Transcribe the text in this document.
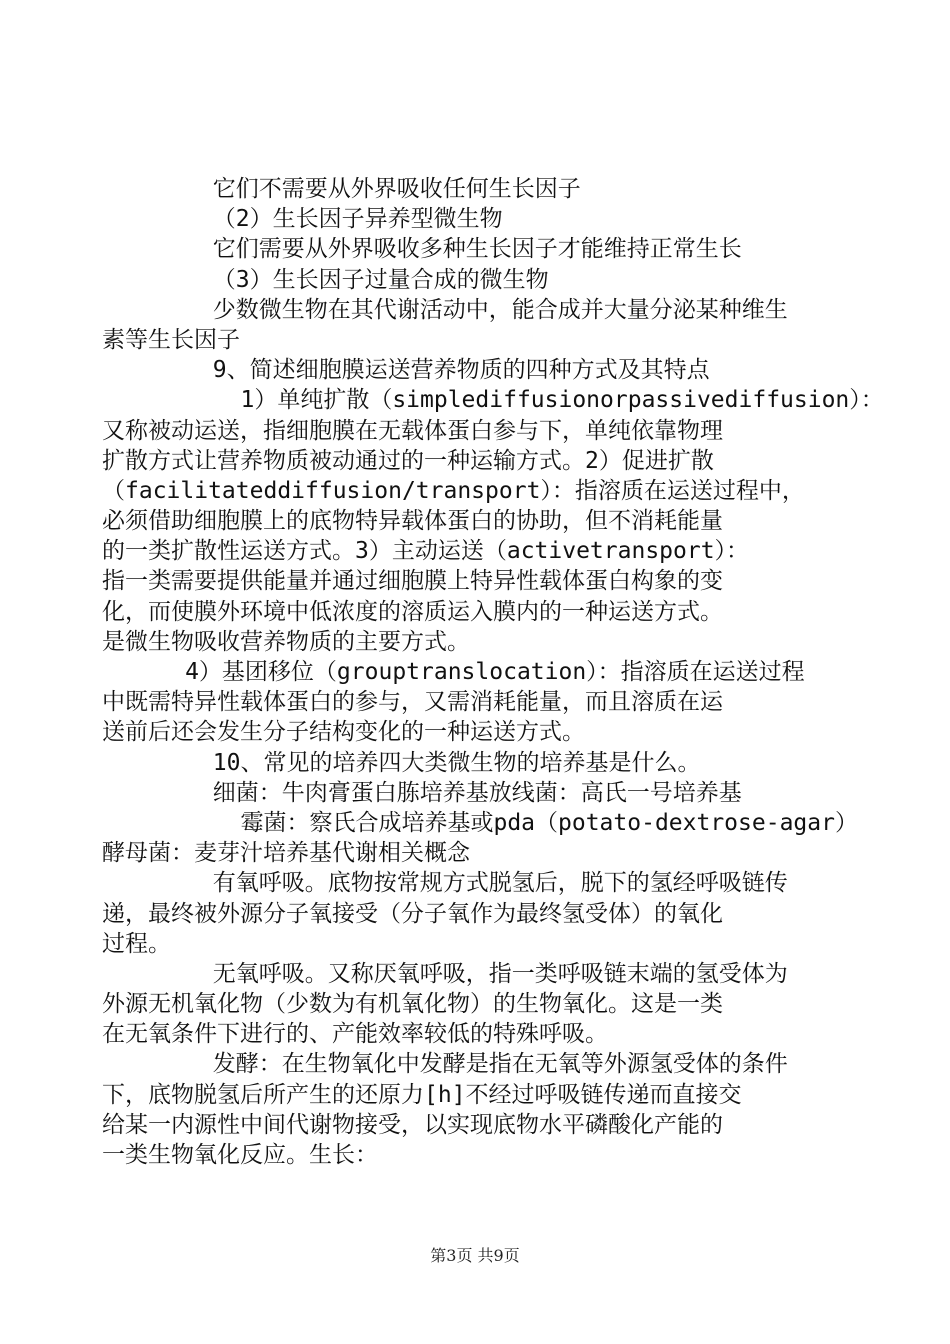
它们不需要从外界吸收任何生长因子
（2）生长因子异养型微生物
它们需要从外界吸收多种生长因子才能维持正常生长
（3）生长因子过量合成的微生物
少数微生物在其代谢活动中，能合成并大量分泌某种维生
素等生长因子
9、简述细胞膜运送营养物质的四种方式及其特点
1）单纯扩散（simplediffusionorpassivediffusion）：
又称被动运送，指细胞膜在无载体蛋白参与下，单纯依靠物理
扩散方式让营养物质被动通过的一种运输方式。2）促进扩散
（facilitateddiffusion/transport）：指溶质在运送过程中，
必须借助细胞膜上的底物特异载体蛋白的协助，但不消耗能量
的一类扩散性运送方式。3）主动运送（activetransport）：
指一类需要提供能量并通过细胞膜上特异性载体蛋白构象的变
化，而使膜外环境中低浓度的溶质运入膜内的一种运送方式。
是微生物吸收营养物质的主要方式。
4）基团移位（grouptranslocation）：指溶质在运送过程
中既需特异性载体蛋白的参与，又需消耗能量，而且溶质在运
送前后还会发生分子结构变化的一种运送方式。
10、常见的培养四大类微生物的培养基是什么。
细菌：牛肉膏蛋白胨培养基放线菌：高氏一号培养基
霉菌：察氏合成培养基或pda（potato-dextrose-agar）
酵母菌：麦芽汁培养基代谢相关概念
有氧呼吸。底物按常规方式脱氢后，脱下的氢经呼吸链传
递，最终被外源分子氧接受（分子氧作为最终氢受体）的氧化
过程。
无氧呼吸。又称厌氧呼吸，指一类呼吸链末端的氢受体为
外源无机氧化物（少数为有机氧化物）的生物氧化。这是一类
在无氧条件下进行的、产能效率较低的特殊呼吸。
发酵：在生物氧化中发酵是指在无氧等外源氢受体的条件
下，底物脱氢后所产生的还原力[h]不经过呼吸链传递而直接交
给某一内源性中间代谢物接受，以实现底物水平磷酸化产能的
一类生物氧化反应。生长：
第3页 共9页
